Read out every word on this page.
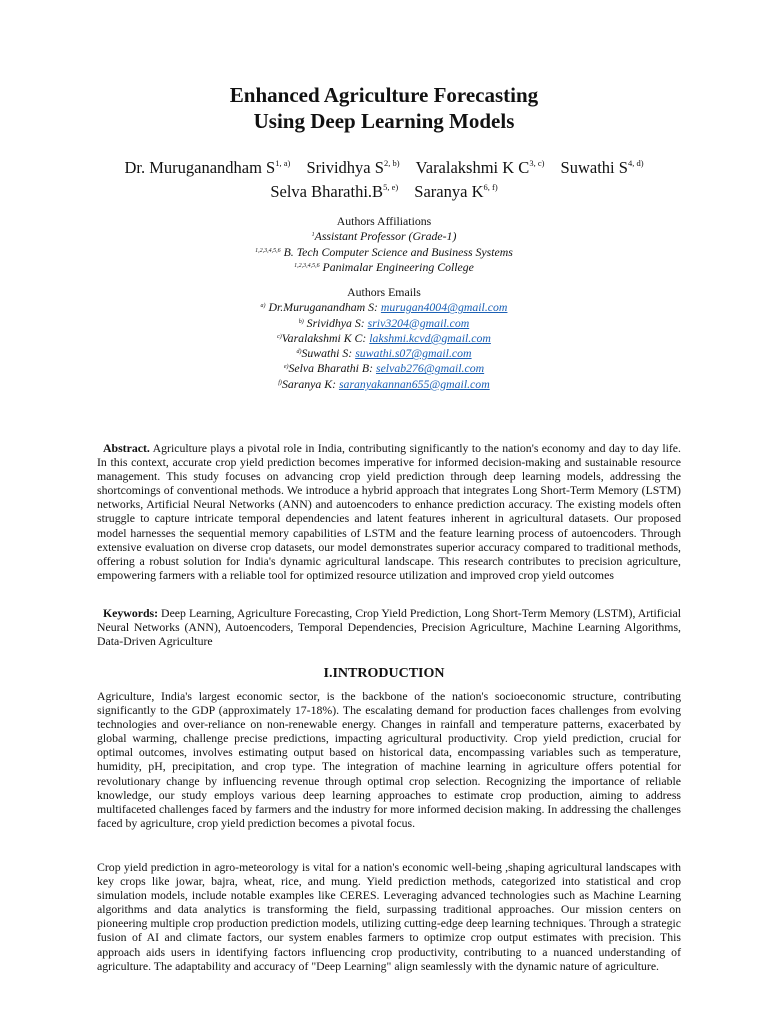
Enhanced Agriculture Forecasting
Using Deep Learning Models
Dr. Muruganandham S$^{1, a)}$ Srividhya S$^{2, b)}$ Varalakshmi K C$^{3, c)}$ Suwathi S$^{4, d)}$
Selva $Bharathi.B^{5, e)}$ Saranya K$^{6, f)}$
Authors Affiliations
$^1$Assistant Professor (Grade-1)
$^{1,2,3,4,5,6}$ B. Tech Computer Science and Business Systems
$^{1,2,3,4,5,6}$ Panimalar Engineering College
Authors Emails
$^{a)}$ Dr.Muruganandham S: murugan4004@gmail.com
$^{b)}$ Srividhya S: sriv3204@gmail.com
$^{c)}$Varalakshmi K C: lakshmi.kcvd@gmail.com
$^{d)}$Suwathi S: suwathi.s07@gmail.com
$^{e)}$Selva Bharathi B: selvab276@gmail.com
$^{f)}$Saranya K: saranyakannan655@gmail.com
Abstract. Agriculture plays a pivotal role in India, contributing significantly to the nation's economy and day to day life. In this context, accurate crop yield prediction becomes imperative for informed decision-making and sustainable resource management. This study focuses on advancing crop yield prediction through deep learning models, addressing the shortcomings of conventional methods. We introduce a hybrid approach that integrates Long Short-Term Memory (LSTM) networks, Artificial Neural Networks (ANN) and autoencoders to enhance prediction accuracy. The existing models often struggle to capture intricate temporal dependencies and latent features inherent in agricultural datasets. Our proposed model harnesses the sequential memory capabilities of LSTM and the feature learning process of autoencoders. Through extensive evaluation on diverse crop datasets, our model demonstrates superior accuracy compared to traditional methods, offering a robust solution for India's dynamic agricultural landscape. This research contributes to precision agriculture, empowering farmers with a reliable tool for optimized resource utilization and improved crop yield outcomes
Keywords: Deep Learning, Agriculture Forecasting, Crop Yield Prediction, Long Short-Term Memory (LSTM), Artificial Neural Networks (ANN), Autoencoders, Temporal Dependencies, Precision Agriculture, Machine Learning Algorithms, Data-Driven Agriculture
I.INTRODUCTION
Agriculture, India's largest economic sector, is the backbone of the nation's socioeconomic structure, contributing significantly to the GDP (approximately 17-18%). The escalating demand for production faces challenges from evolving technologies and over-reliance on non-renewable energy. Changes in rainfall and temperature patterns, exacerbated by global warming, challenge precise predictions, impacting agricultural productivity. Crop yield prediction, crucial for optimal outcomes, involves estimating output based on historical data, encompassing variables such as temperature, humidity, pH, precipitation, and crop type. The integration of machine learning in agriculture offers potential for revolutionary change by influencing revenue through optimal crop selection. Recognizing the importance of reliable knowledge, our study employs various deep learning approaches to estimate crop production, aiming to address multifaceted challenges faced by farmers and the industry for more informed decision making. In addressing the challenges faced by agriculture, crop yield prediction becomes a pivotal focus.
Crop yield prediction in agro-meteorology is vital for a nation's economic well-being ,shaping agricultural landscapes with key crops like jowar, bajra, wheat, rice, and mung. Yield prediction methods, categorized into statistical and crop simulation models, include notable examples like CERES. Leveraging advanced technologies such as Machine Learning algorithms and data analytics is transforming the field, surpassing traditional approaches. Our mission centers on pioneering multiple crop production prediction models, utilizing cutting-edge deep learning techniques. Through a strategic fusion of AI and climate factors, our system enables farmers to optimize crop output estimates with precision. This approach aids users in identifying factors influencing crop productivity, contributing to a nuanced understanding of agriculture. The adaptability and accuracy of "Deep Learning" align seamlessly with the dynamic nature of agriculture.
